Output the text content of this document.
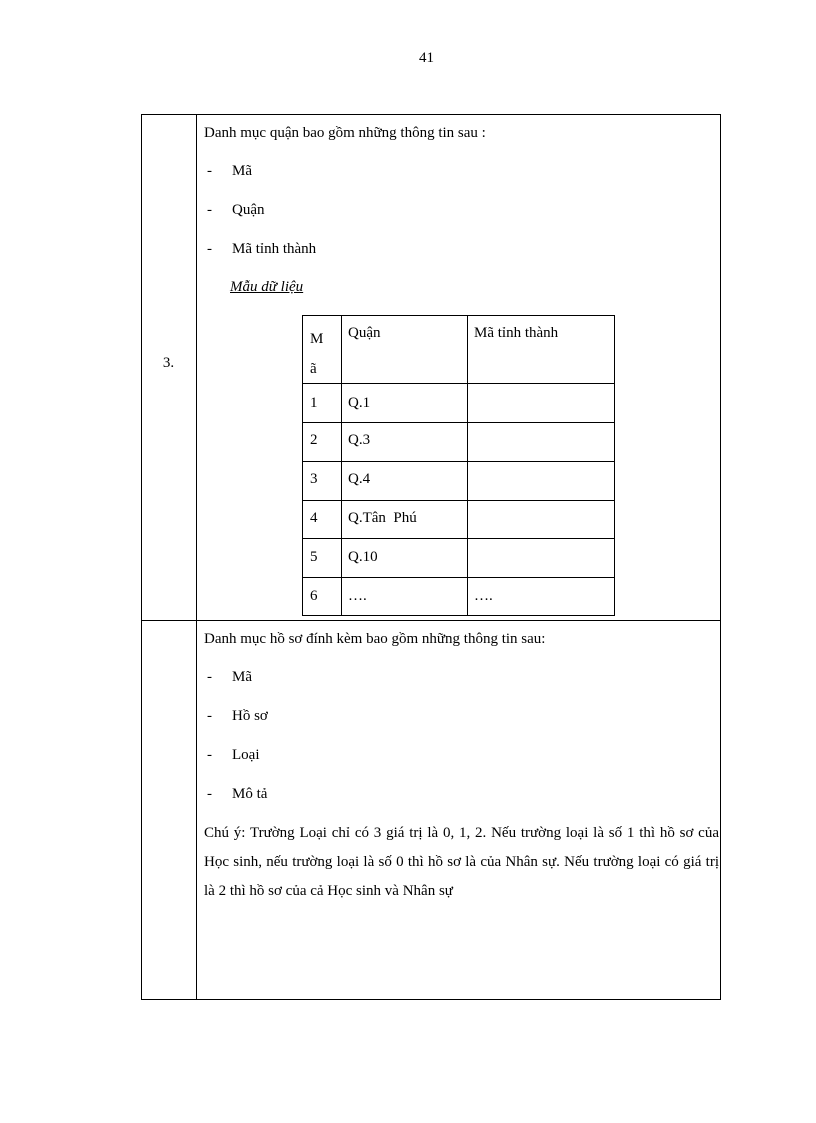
41
3.
Danh mục quận bao gồm những thông tin sau :
- Mã
- Quận
- Mã tỉnh thành
Mẫu dữ liệu
M ã
Quận	Mã tỉnh thành
1 Q.1
2 Q.3
3 Q.4
4 Q.Tân  Phú
5 Q.10
6 ….	….
Danh mục hồ sơ đính kèm bao gồm những thông tin sau:
- Mã
- Hồ sơ
- Loại
- Mô tả
Chú ý: Trường Loại chỉ có 3 giá trị là 0, 1, 2. Nếu trường loại là số 1 thì hồ sơ của Học sinh, nếu trường loại là số 0 thì hồ sơ là của Nhân sự. Nếu trường loại có giá trị là 2 thì hồ sơ của cả Học sinh và Nhân sự
